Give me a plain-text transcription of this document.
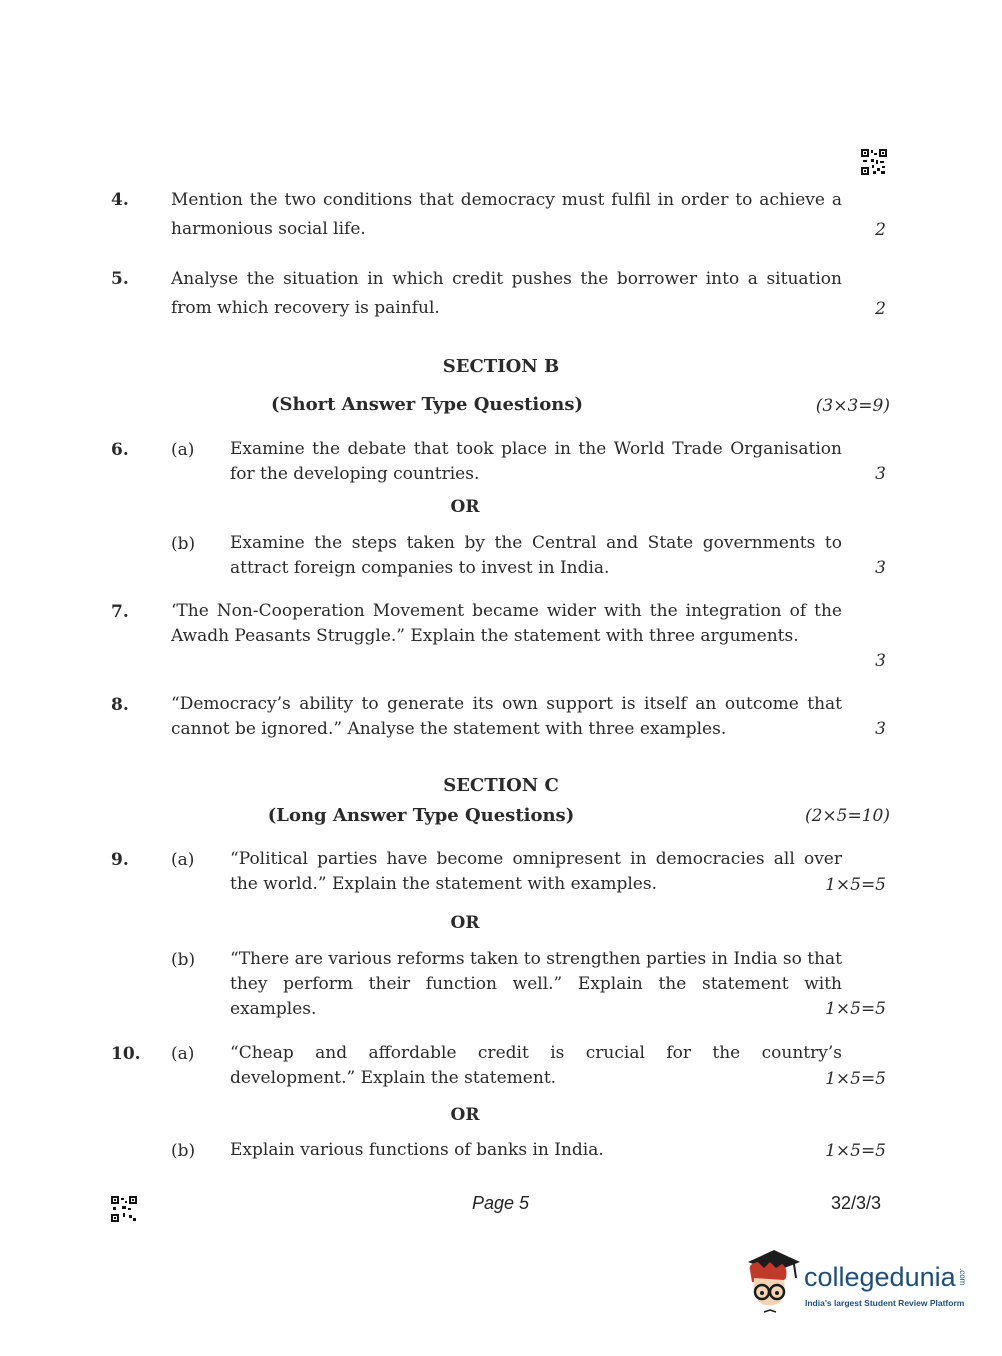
4. Mention the two conditions that democracy must fulfil in order to achieve a harmonious social life.	2
5. Analyse the situation in which credit pushes the borrower into a situation from which recovery is painful.	2
SECTION B
(Short Answer Type Questions)	(3×3=9)
6. (a) Examine the debate that took place in the World Trade Organisation for the developing countries.	3
OR
(b) Examine the steps taken by the Central and State governments to attract foreign companies to invest in India.	3
7. ‘The Non-Cooperation Movement became wider with the integration of the Awadh Peasants Struggle.” Explain the statement with three arguments.
3
8. “Democracy’s ability to generate its own support is itself an outcome that cannot be ignored.” Analyse the statement with three examples.	3
SECTION C
(Long Answer Type Questions)	(2×5=10)
9. (a) “Political parties have become omnipresent in democracies all over the world.” Explain the statement with examples.	1×5=5
OR
(b) “There are various reforms taken to strengthen parties in India so that they perform their function well.” Explain the statement with examples.	1×5=5
10. (a) “Cheap and affordable credit is crucial for the country’s development.” Explain the statement.	1×5=5
OR
(b) Explain various functions of banks in India.	1×5=5
Page 5	32/3/3
collegedunia .com
India's largest Student Review Platform
